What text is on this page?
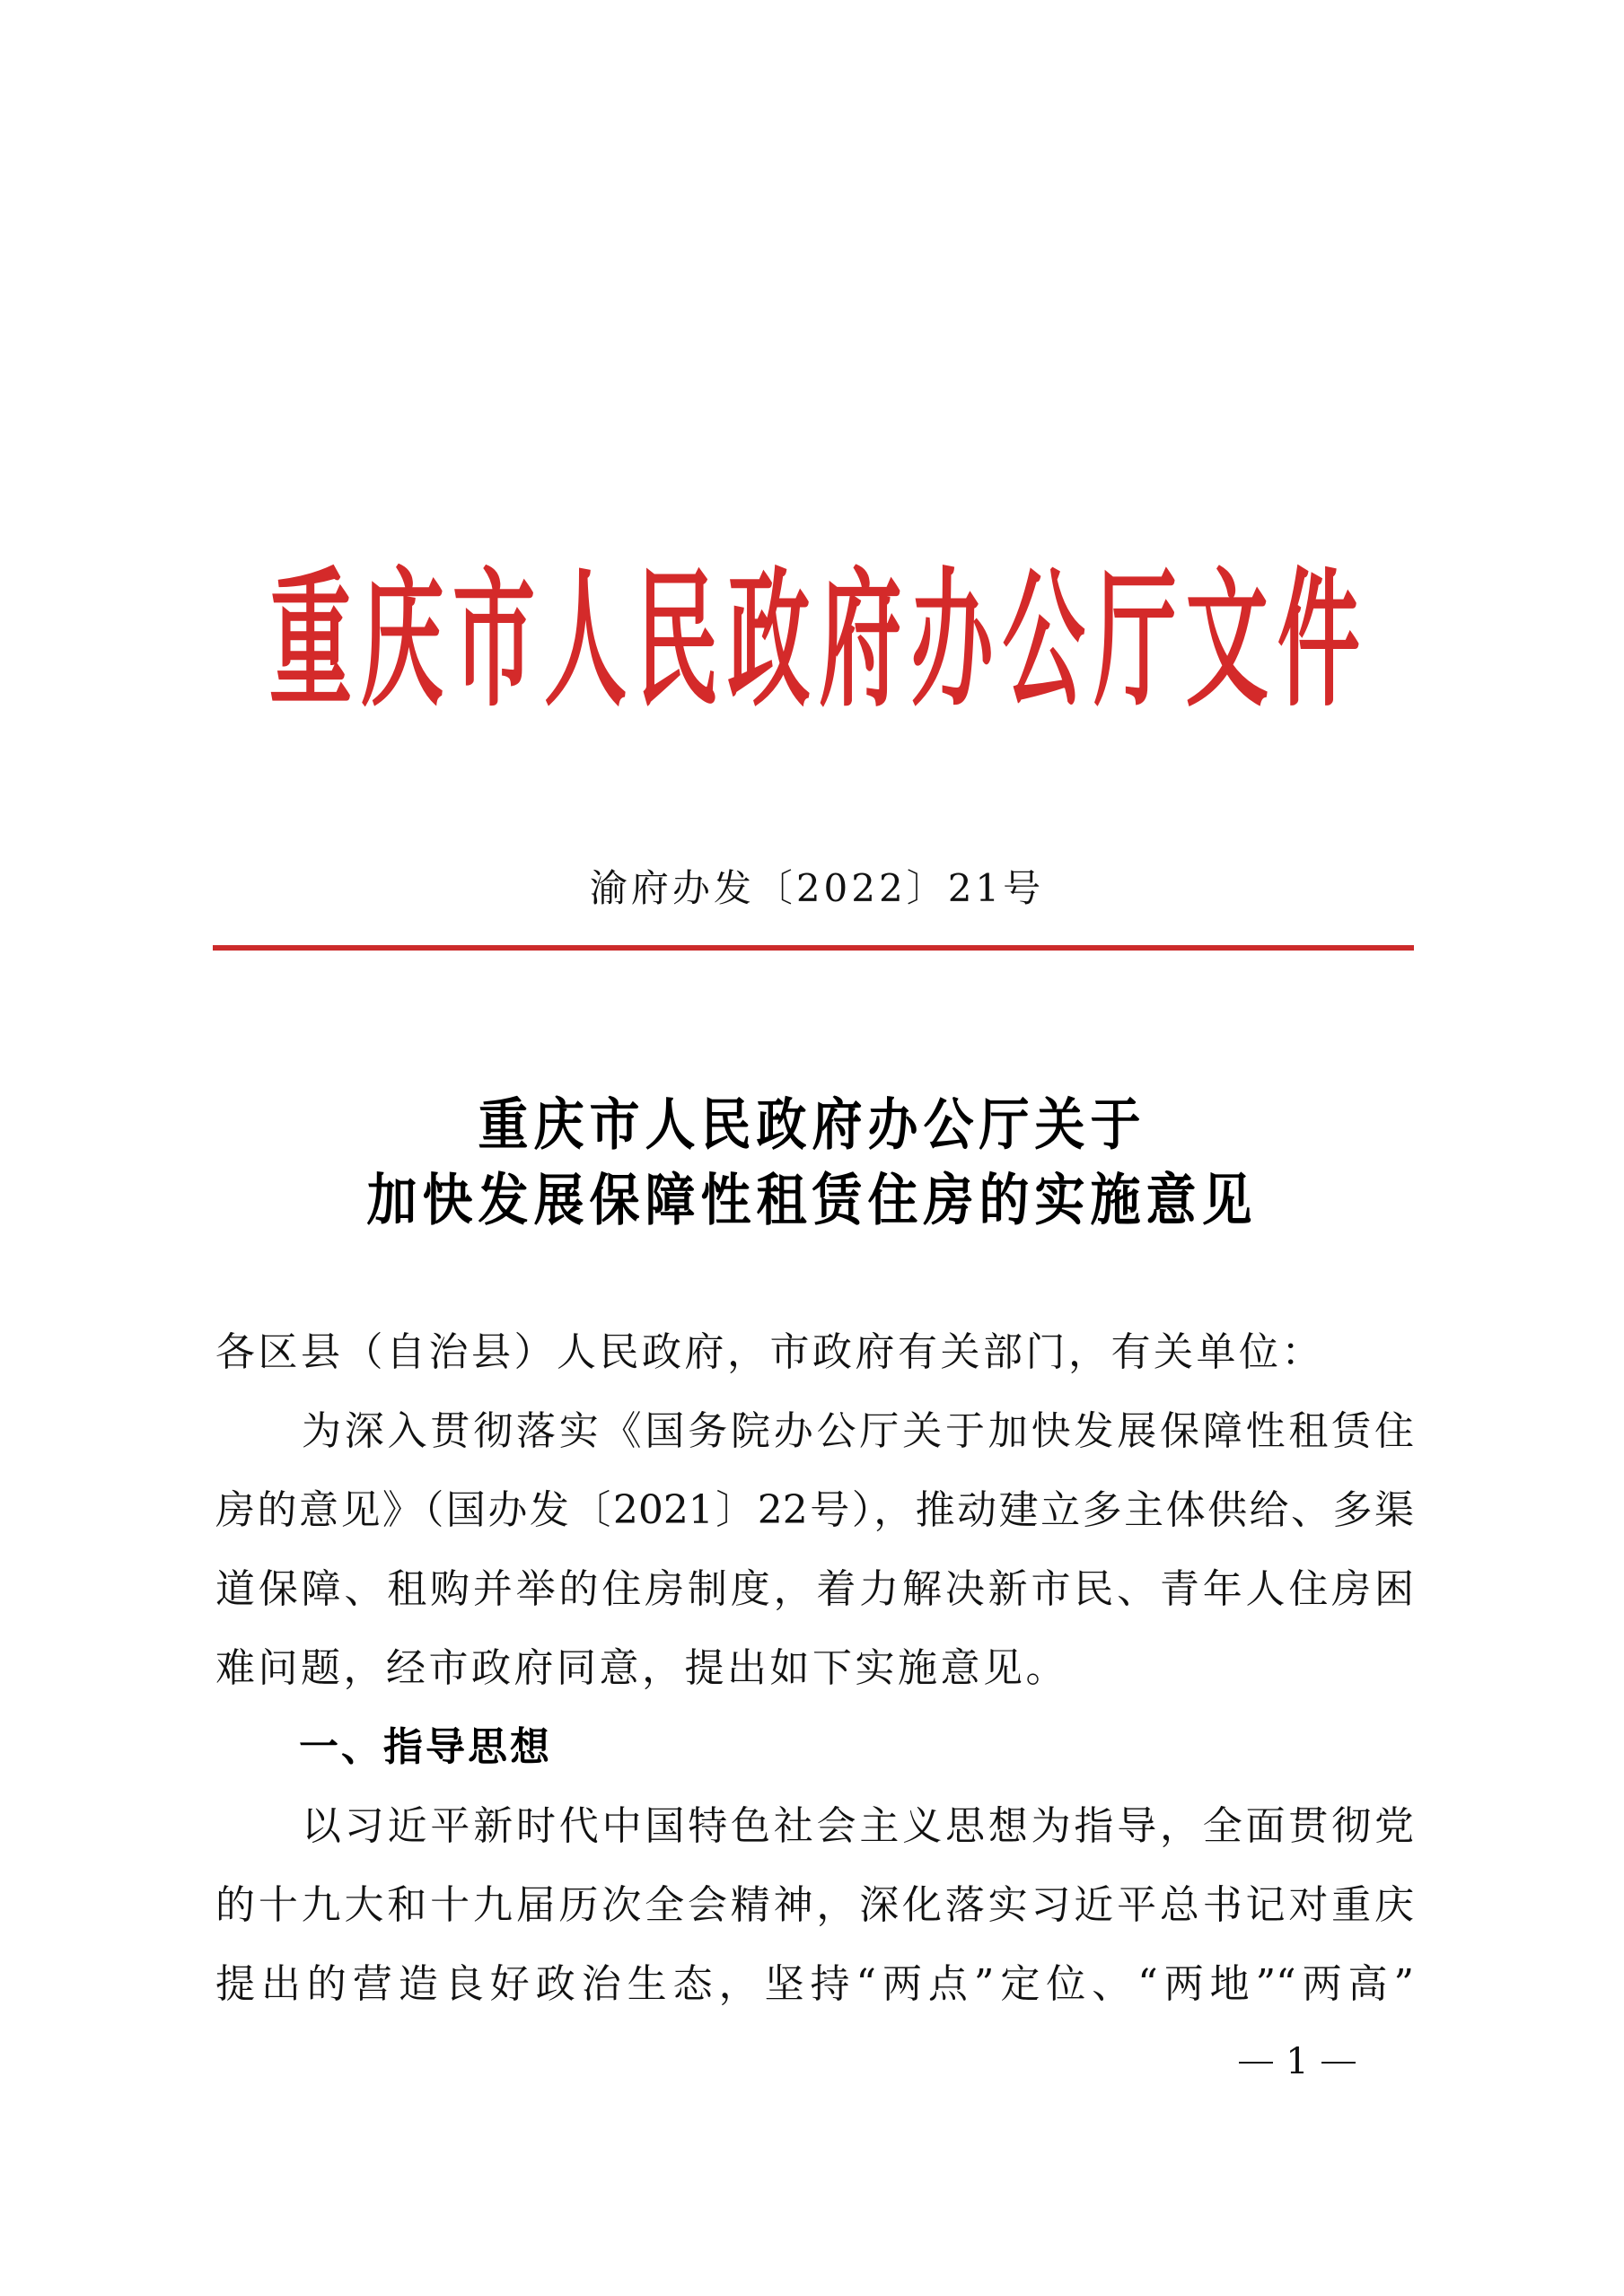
重 庆 市 人 民 政 府 办 公 厅 文 件
渝府办发〔2022〕21号
重庆市人民政府办公厅关于
加快发展保障性租赁住房的实施意见
各区县（自治县）人民政府，市政府有关部门，有关单位：
为深入贯彻落实《国务院办公厅关于加快发展保障性租赁住
房的意见》（国办发〔2021〕22号），推动建立多主体供给、多渠
道保障、租购并举的住房制度，着力解决新市民、青年人住房困
难问题，经市政府同意，提出如下实施意见。
一、指导思想
以习近平新时代中国特色社会主义思想为指导，全面贯彻党
的十九大和十九届历次全会精神，深化落实习近平总书记对重庆
提出的营造良好政治生态，坚持“两点”定位、“两地”“两高”
1
